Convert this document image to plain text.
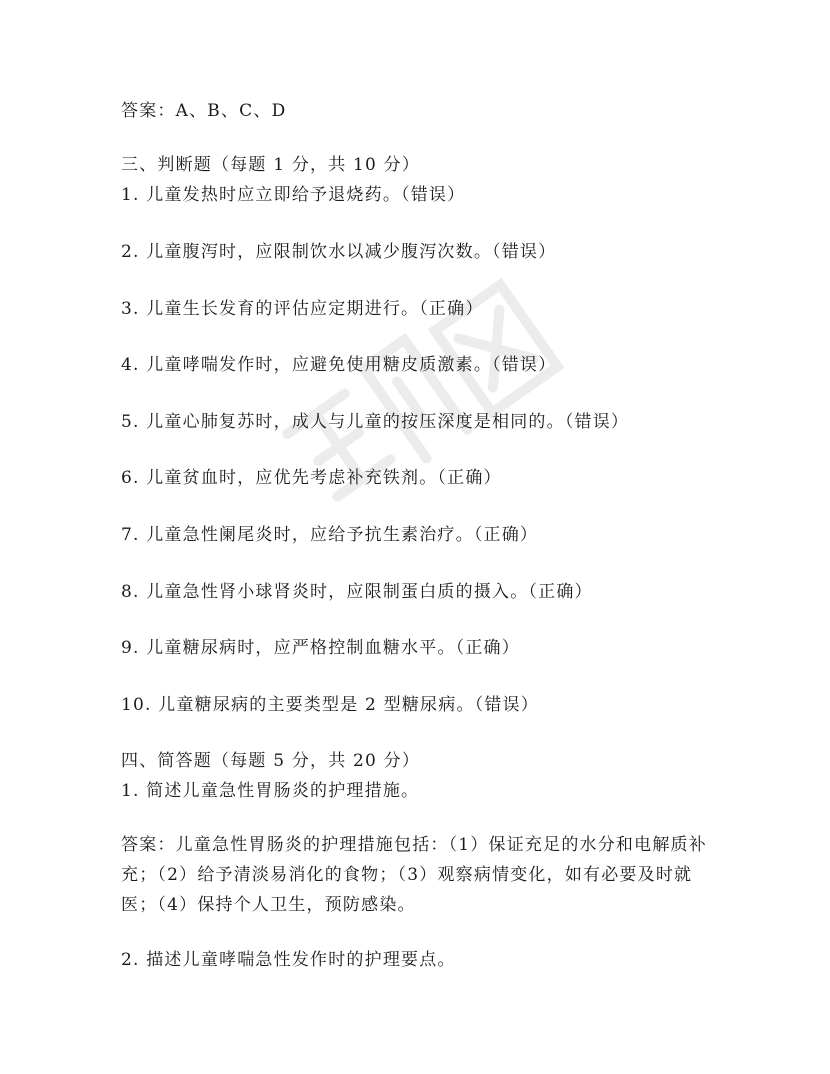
答案：A、B、C、D
三、判断题（每题 1 分，共 10 分）
1. 儿童发热时应立即给予退烧药。（错误）
2. 儿童腹泻时，应限制饮水以减少腹泻次数。（错误）
3. 儿童生长发育的评估应定期进行。（正确）
4. 儿童哮喘发作时，应避免使用糖皮质激素。（错误）
5. 儿童心肺复苏时，成人与儿童的按压深度是相同的。（错误）
6. 儿童贫血时，应优先考虑补充铁剂。（正确）
7. 儿童急性阑尾炎时，应给予抗生素治疗。（正确）
8. 儿童急性肾小球肾炎时，应限制蛋白质的摄入。（正确）
9. 儿童糖尿病时，应严格控制血糖水平。（正确）
10. 儿童糖尿病的主要类型是 2 型糖尿病。（错误）
四、简答题（每题 5 分，共 20 分）
1. 简述儿童急性胃肠炎的护理措施。
答案：儿童急性胃肠炎的护理措施包括：（1）保证充足的水分和电解质补充；（2）给予清淡易消化的食物；（3）观察病情变化，如有必要及时就医；（4）保持个人卫生，预防感染。
2. 描述儿童哮喘急性发作时的护理要点。
